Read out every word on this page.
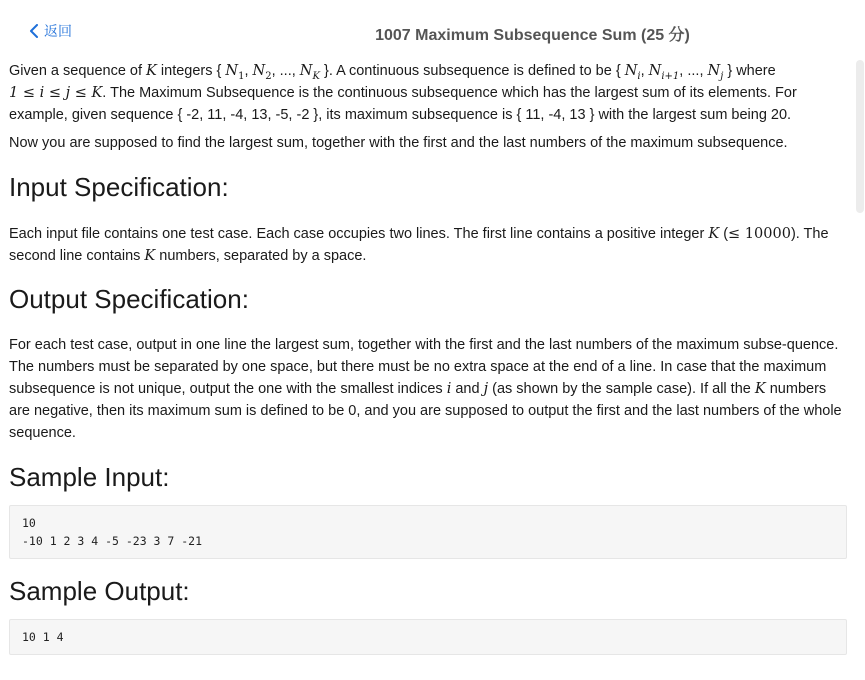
返回	1007 Maximum Subsequence Sum (25 分)

Given a sequence of K integers { $N_1$, $N_2$, ..., $N_K$ }. A continuous subsequence is defined to be { $N_i$, $N_{i+1}$, ..., $N_j$ } where
1 ≤ i ≤ j ≤ K. The Maximum Subsequence is the continuous subsequence which has the largest sum of its elements. For example, given sequence { -2, 11, -4, 13, -5, -2 }, its maximum subsequence is { 11, -4, 13 } with the largest sum being 20.

Now you are supposed to find the largest sum, together with the first and the last numbers of the maximum subsequence.

Input Specification:

Each input file contains one test case. Each case occupies two lines. The first line contains a positive integer K (≤ 10000). The second line contains K numbers, separated by a space.

Output Specification:

For each test case, output in one line the largest sum, together with the first and the last numbers of the maximum subse-quence. The numbers must be separated by one space, but there must be no extra space at the end of a line. In case that the maximum subsequence is not unique, output the one with the smallest indices i and j (as shown by the sample case). If all the K numbers are negative, then its maximum sum is defined to be 0, and you are supposed to output the first and the last numbers of the whole sequence.

Sample Input:
10
-10 1 2 3 4 -5 -23 3 7 -21
Sample Output:
10 1 4
